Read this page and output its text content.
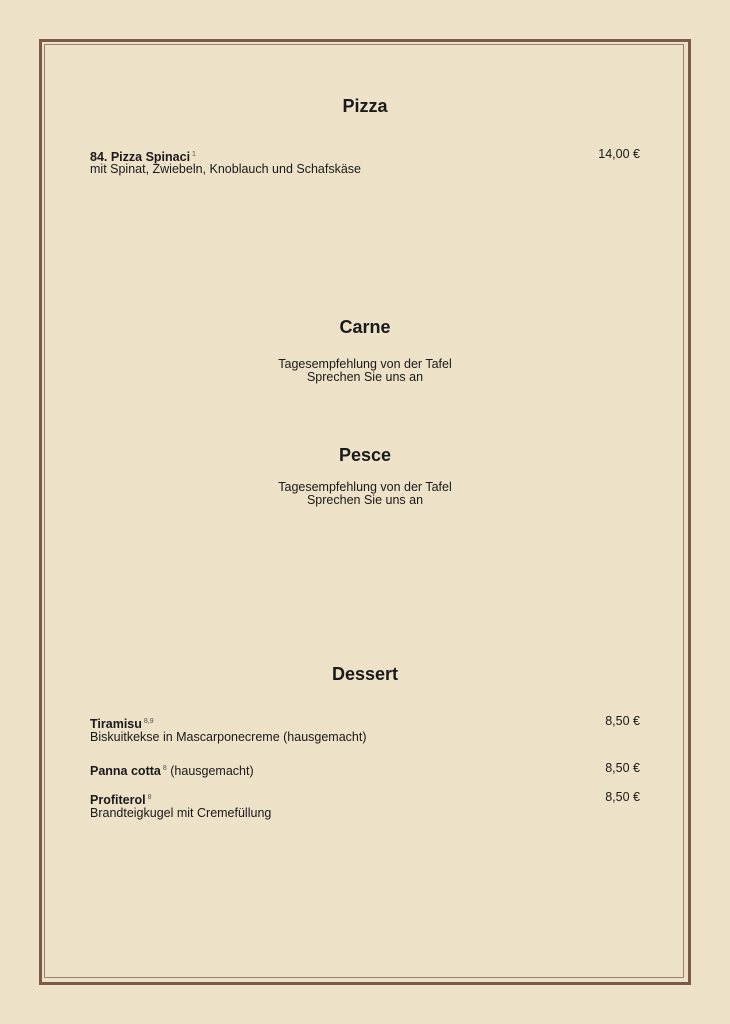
Pizza
84. Pizza Spinaci $^1$	14,00 €
mit Spinat, Zwiebeln, Knoblauch und Schafskäse
Carne
Tagesempfehlung von der Tafel
Sprechen Sie uns an
Pesce
Tagesempfehlung von der Tafel
Sprechen Sie uns an
Dessert
Tiramisu $^{8,9}$	8,50 €
Biskuitkekse in Mascarponecreme (hausgemacht)
Panna cotta $^8$ (hausgemacht)	8,50 €
Profiterol $^8$	8,50 €
Brandteigkugel mit Cremefüllung
